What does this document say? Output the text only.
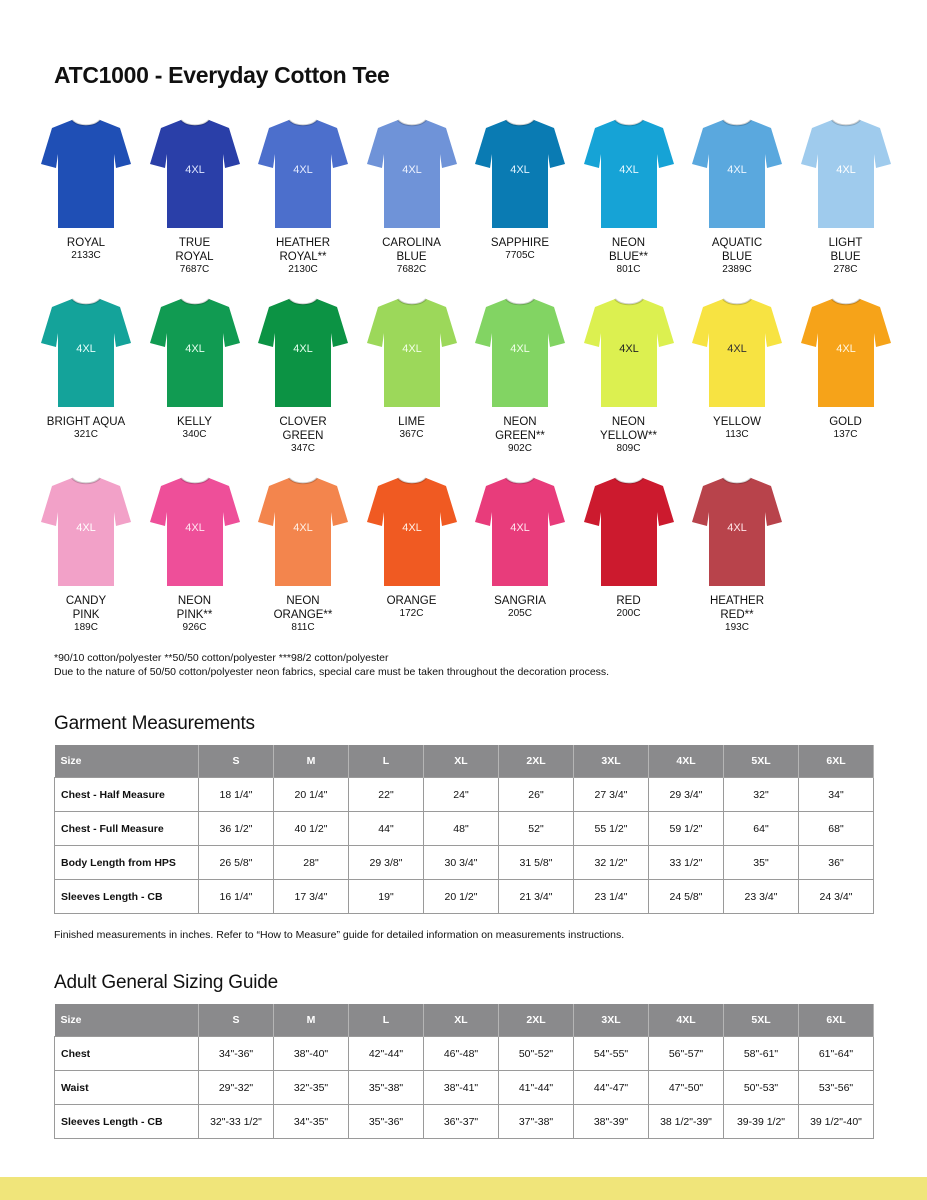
ATC1000 - Everyday Cotton Tee
ROYAL
2133C
4XL
TRUE
ROYAL
7687C
4XL
HEATHER
ROYAL**
2130C
4XL
CAROLINA
BLUE
7682C
4XL
SAPPHIRE
7705C
4XL
NEON
BLUE**
801C
4XL
AQUATIC
BLUE
2389C
4XL
LIGHT
BLUE
278C
4XL
BRIGHT AQUA
321C
4XL
KELLY
340C
4XL
CLOVER
GREEN
347C
4XL
LIME
367C
4XL
NEON
GREEN**
902C
4XL
NEON
YELLOW**
809C
4XL
YELLOW
113C
4XL
GOLD
137C
4XL
CANDY
PINK
189C
4XL
NEON
PINK**
926C
4XL
NEON
ORANGE**
811C
4XL
ORANGE
172C
4XL
SANGRIA
205C
RED
200C
4XL
HEATHER
RED**
193C
*90/10 cotton/polyester **50/50 cotton/polyester ***98/2 cotton/polyester
Due to the nature of 50/50 cotton/polyester neon fabrics, special care must be taken throughout the decoration process.
Garment Measurements
Size	S	M	L	XL	2XL	3XL	4XL	5XL	6XL
Chest - Half Measure	18 1/4"	20 1/4"	22"	24"	26"	27 3/4"	29 3/4"	32"	34"
Chest - Full Measure	36 1/2"	40 1/2"	44"	48"	52"	55 1/2"	59 1/2"	64"	68"
Body Length from HPS	26 5/8"	28"	29 3/8"	30 3/4"	31 5/8"	32 1/2"	33 1/2"	35"	36"
Sleeves Length - CB	16 1/4"	17 3/4"	19"	20 1/2"	21 3/4"	23 1/4"	24 5/8"	23 3/4"	24 3/4"
Finished measurements in inches. Refer to “How to Measure” guide for detailed information on measurements instructions.
Adult General Sizing Guide
Size	S	M	L	XL	2XL	3XL	4XL	5XL	6XL
Chest	34"-36"	38"-40"	42"-44"	46"-48"	50"-52"	54"-55"	56"-57"	58"-61"	61"-64"
Waist	29"-32"	32"-35"	35"-38"	38"-41"	41"-44"	44"-47"	47"-50"	50"-53"	53"-56"
Sleeves Length - CB	32"-33 1/2"	34"-35"	35"-36"	36"-37"	37"-38"	38"-39"	38 1/2"-39"	39-39 1/2"	39 1/2"-40"
